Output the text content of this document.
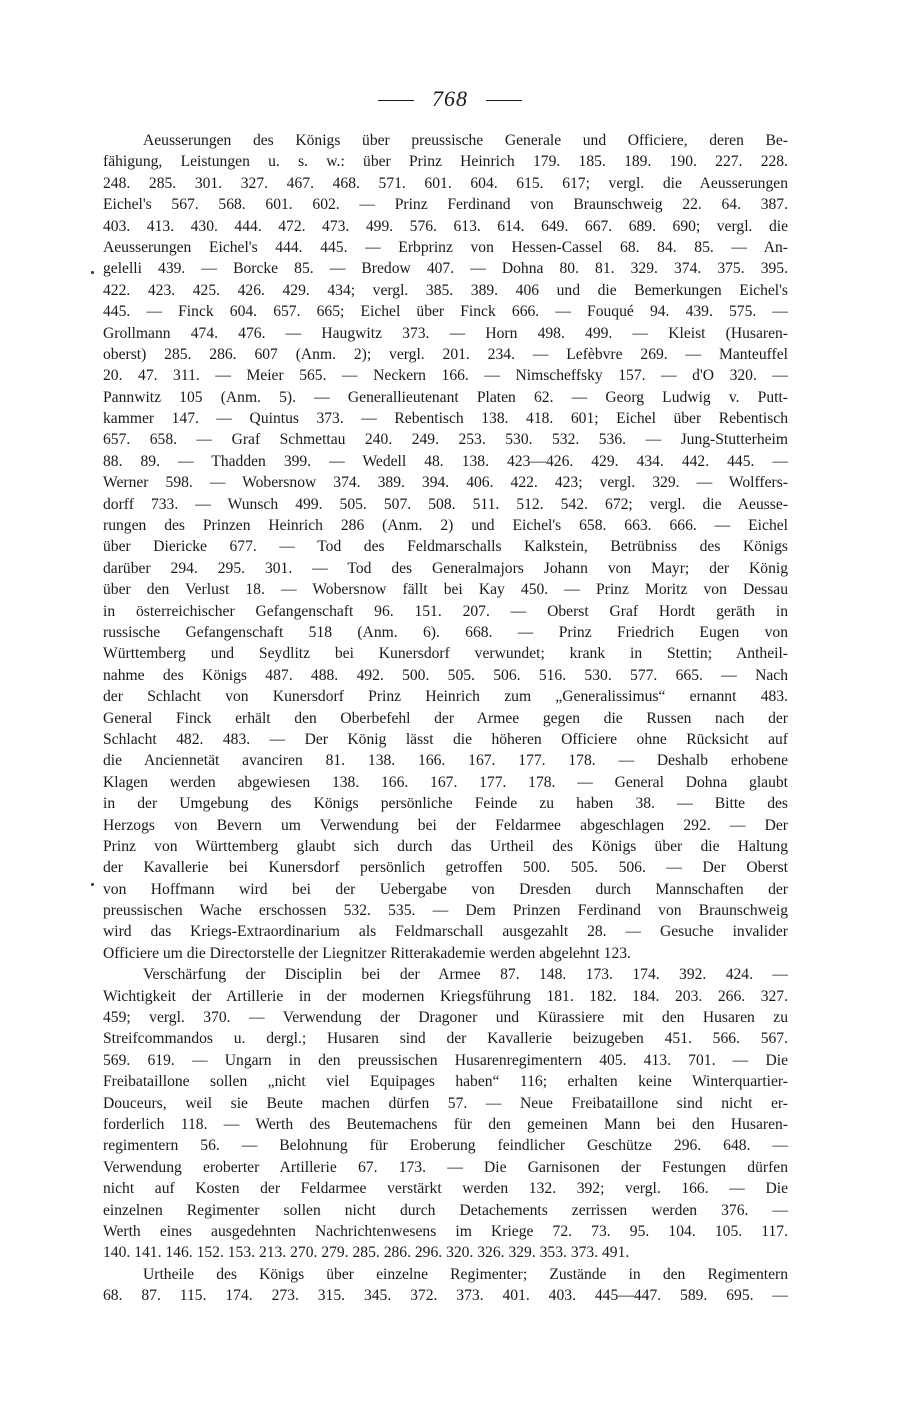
768
Aeusserungen des Königs über preussische Generale und Officiere, deren Be-
fähigung, Leistungen u. s. w.: über Prinz Heinrich 179. 185. 189. 190. 227. 228.
248. 285. 301. 327. 467. 468. 571. 601. 604. 615. 617; vergl. die Aeusserungen
Eichel's 567. 568. 601. 602. — Prinz Ferdinand von Braunschweig 22. 64. 387.
403. 413. 430. 444. 472. 473. 499. 576. 613. 614. 649. 667. 689. 690; vergl. die
Aeusserungen Eichel's 444. 445. — Erbprinz von Hessen-Cassel 68. 84. 85. — An-
gelelli 439. — Borcke 85. — Bredow 407. — Dohna 80. 81. 329. 374. 375. 395.
422. 423. 425. 426. 429. 434; vergl. 385. 389. 406 und die Bemerkungen Eichel's
445. — Finck 604. 657. 665; Eichel über Finck 666. — Fouqué 94. 439. 575. —
Grollmann 474. 476. — Haugwitz 373. — Horn 498. 499. — Kleist (Husaren-
oberst) 285. 286. 607 (Anm. 2); vergl. 201. 234. — Lefèbvre 269. — Manteuffel
20. 47. 311. — Meier 565. — Neckern 166. — Nimscheffsky 157. — d'O 320. —
Pannwitz 105 (Anm. 5). — Generallieutenant Platen 62. — Georg Ludwig v. Putt-
kammer 147. — Quintus 373. — Rebentisch 138. 418. 601; Eichel über Rebentisch
657. 658. — Graf Schmettau 240. 249. 253. 530. 532. 536. — Jung-Stutterheim
88. 89. — Thadden 399. — Wedell 48. 138. 423—426. 429. 434. 442. 445. —
Werner 598. — Wobersnow 374. 389. 394. 406. 422. 423; vergl. 329. — Wolffers-
dorff 733. — Wunsch 499. 505. 507. 508. 511. 512. 542. 672; vergl. die Aeusse-
rungen des Prinzen Heinrich 286 (Anm. 2) und Eichel's 658. 663. 666. — Eichel
über Diericke 677. — Tod des Feldmarschalls Kalkstein, Betrübniss des Königs
darüber 294. 295. 301. — Tod des Generalmajors Johann von Mayr; der König
über den Verlust 18. — Wobersnow fällt bei Kay 450. — Prinz Moritz von Dessau
in österreichischer Gefangenschaft 96. 151. 207. — Oberst Graf Hordt geräth in
russische Gefangenschaft 518 (Anm. 6). 668. — Prinz Friedrich Eugen von
Württemberg und Seydlitz bei Kunersdorf verwundet; krank in Stettin; Antheil-
nahme des Königs 487. 488. 492. 500. 505. 506. 516. 530. 577. 665. — Nach
der Schlacht von Kunersdorf Prinz Heinrich zum „Generalissimus“ ernannt 483.
General Finck erhält den Oberbefehl der Armee gegen die Russen nach der
Schlacht 482. 483. — Der König lässt die höheren Officiere ohne Rücksicht auf
die Anciennetät avanciren 81. 138. 166. 167. 177. 178. — Deshalb erhobene
Klagen werden abgewiesen 138. 166. 167. 177. 178. — General Dohna glaubt
in der Umgebung des Königs persönliche Feinde zu haben 38. — Bitte des
Herzogs von Bevern um Verwendung bei der Feldarmee abgeschlagen 292. — Der
Prinz von Württemberg glaubt sich durch das Urtheil des Königs über die Haltung
der Kavallerie bei Kunersdorf persönlich getroffen 500. 505. 506. — Der Oberst
von Hoffmann wird bei der Uebergabe von Dresden durch Mannschaften der
preussischen Wache erschossen 532. 535. — Dem Prinzen Ferdinand von Braunschweig
wird das Kriegs-Extraordinarium als Feldmarschall ausgezahlt 28. — Gesuche invalider
Officiere um die Directorstelle der Liegnitzer Ritterakademie werden abgelehnt 123.
Verschärfung der Disciplin bei der Armee 87. 148. 173. 174. 392. 424. —
Wichtigkeit der Artillerie in der modernen Kriegsführung 181. 182. 184. 203. 266. 327.
459; vergl. 370. — Verwendung der Dragoner und Kürassiere mit den Husaren zu
Streifcommandos u. dergl.; Husaren sind der Kavallerie beizugeben 451. 566. 567.
569. 619. — Ungarn in den preussischen Husarenregimentern 405. 413. 701. — Die
Freibataillone sollen „nicht viel Equipages haben“ 116; erhalten keine Winterquartier-
Douceurs, weil sie Beute machen dürfen 57. — Neue Freibataillone sind nicht er-
forderlich 118. — Werth des Beutemachens für den gemeinen Mann bei den Husaren-
regimentern 56. — Belohnung für Eroberung feindlicher Geschütze 296. 648. —
Verwendung eroberter Artillerie 67. 173. — Die Garnisonen der Festungen dürfen
nicht auf Kosten der Feldarmee verstärkt werden 132. 392; vergl. 166. — Die
einzelnen Regimenter sollen nicht durch Detachements zerrissen werden 376. —
Werth eines ausgedehnten Nachrichtenwesens im Kriege 72. 73. 95. 104. 105. 117.
140. 141. 146. 152. 153. 213. 270. 279. 285. 286. 296. 320. 326. 329. 353. 373. 491.
Urtheile des Königs über einzelne Regimenter; Zustände in den Regimentern
68. 87. 115. 174. 273. 315. 345. 372. 373. 401. 403. 445—447. 589. 695. —
